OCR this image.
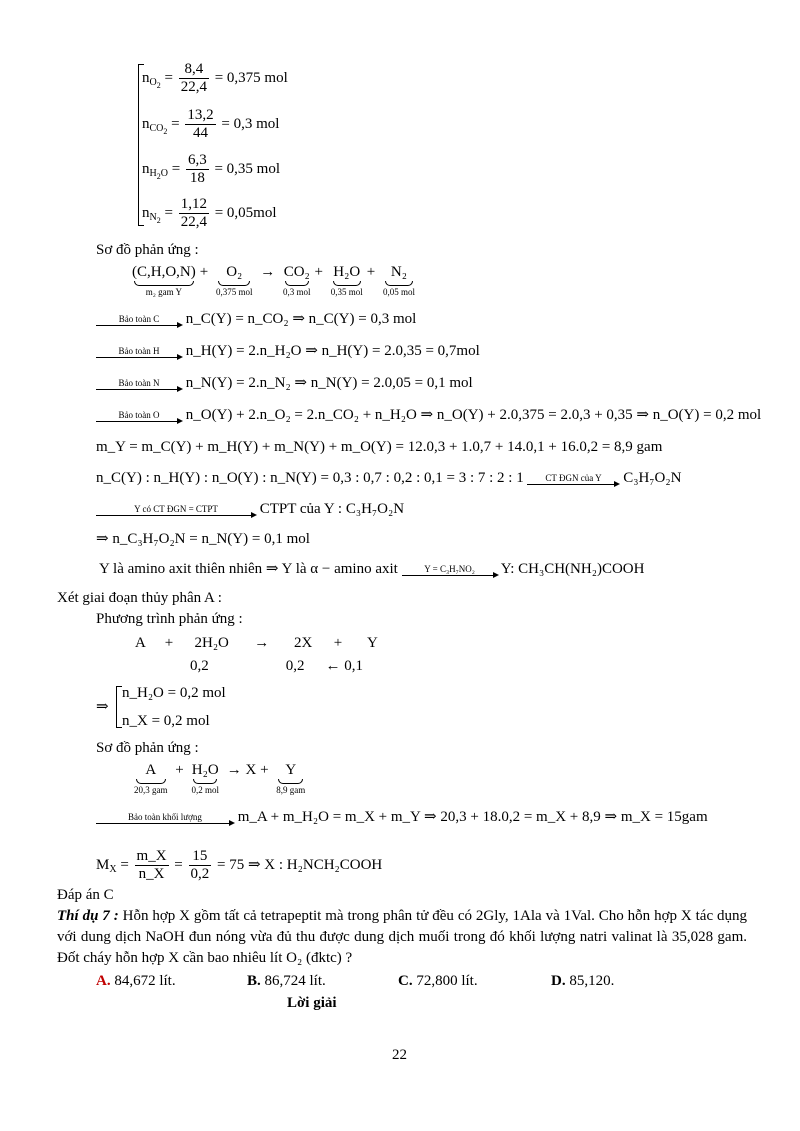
$n_{O_2} = \frac{8,4}{22,4} = 0,375$ mol
$n_{CO_2} = \frac{13,2}{44} = 0,3$ mol
$n_{H_2O} = \frac{6,3}{18} = 0,35$ mol
$n_{N_2} = \frac{1,12}{22,4} = 0,05mol$
Sơ đồ phản ứng :
(C,H,O,N)
m₂ gam Y
+ O₂
0,375 mol
→ CO₂
0,3 mol
+ H₂O
0,35 mol
+ N₂
0,05 mol
Bảo toàn C	n_C(Y) = n_CO₂ ⇒ n_C(Y) = 0,3 mol
Bảo toàn H	n_H(Y) = 2.n_H₂O ⇒ n_H(Y) = 2.0,35 = 0,7mol
Bảo toàn N	n_N(Y) = 2.n_N₂ ⇒ n_N(Y) = 2.0,05 = 0,1 mol
Bảo toàn O	n_O(Y) + 2.n_O₂ = 2.n_CO₂ + n_H₂O ⇒ n_O(Y) + 2.0,375 = 2.0,3 + 0,35 ⇒ n_O(Y) = 0,2 mol
m_Y = m_C(Y) + m_H(Y) + m_N(Y) + m_O(Y) = 12.0,3 + 1.0,7 + 14.0,1 + 16.0,2 = 8,9 gam
n_C(Y) : n_H(Y) : n_O(Y) : n_N(Y) = 0,3 : 0,7 : 0,2 : 0,1 = 3 : 7 : 2 : 1	CT ĐGN của Y	C₃H₇O₂N
Y có CT ĐGN = CTPT	CTPT của Y : C₃H₇O₂N
⇒ n_C₃H₇O₂N = n_N(Y) = 0,1 mol
Y là amino axit thiên nhiên ⇒ Y là α − amino axit	Y = C₃H₇NO₂	Y: CH₃CH(NH₂)COOH
Xét giai đoạn thủy phân A :
Phương trình phản ứng :
A + 2H₂O → 2X + Y
0,2	0,2 ← 0,1
⇒
n_H₂O = 0,2 mol
n_X = 0,2 mol
Sơ đồ phản ứng :
A
20,3 gam
+ H₂O
0,2 mol
→ X + Y
8,9 gam
Bảo toàn khối lượng	m_A + m_H₂O = m_X + m_Y ⇒ 20,3 + 18.0,2 = m_X + 8,9 ⇒ m_X = 15gam
$M_X = \frac{m\_X}{n\_X} = \frac{15}{0,2} = 75$ ⇒ X : H₂NCH₂COOH
Đáp án C
Thí dụ 7 : Hỗn hợp X gồm tất cả tetrapeptit mà trong phân tử đều có 2Gly, 1Ala và 1Val. Cho hỗn hợp X tác dụng với dung dịch NaOH đun nóng vừa đủ thu được dung dịch muối trong đó khối lượng natri valinat là 35,028 gam. Đốt cháy hỗn hợp X cần bao nhiêu lít O₂ (đktc) ?
A. 84,672 lít.	B. 86,724 lít.	C. 72,800 lít.	D. 85,120.
Lời giải
22
